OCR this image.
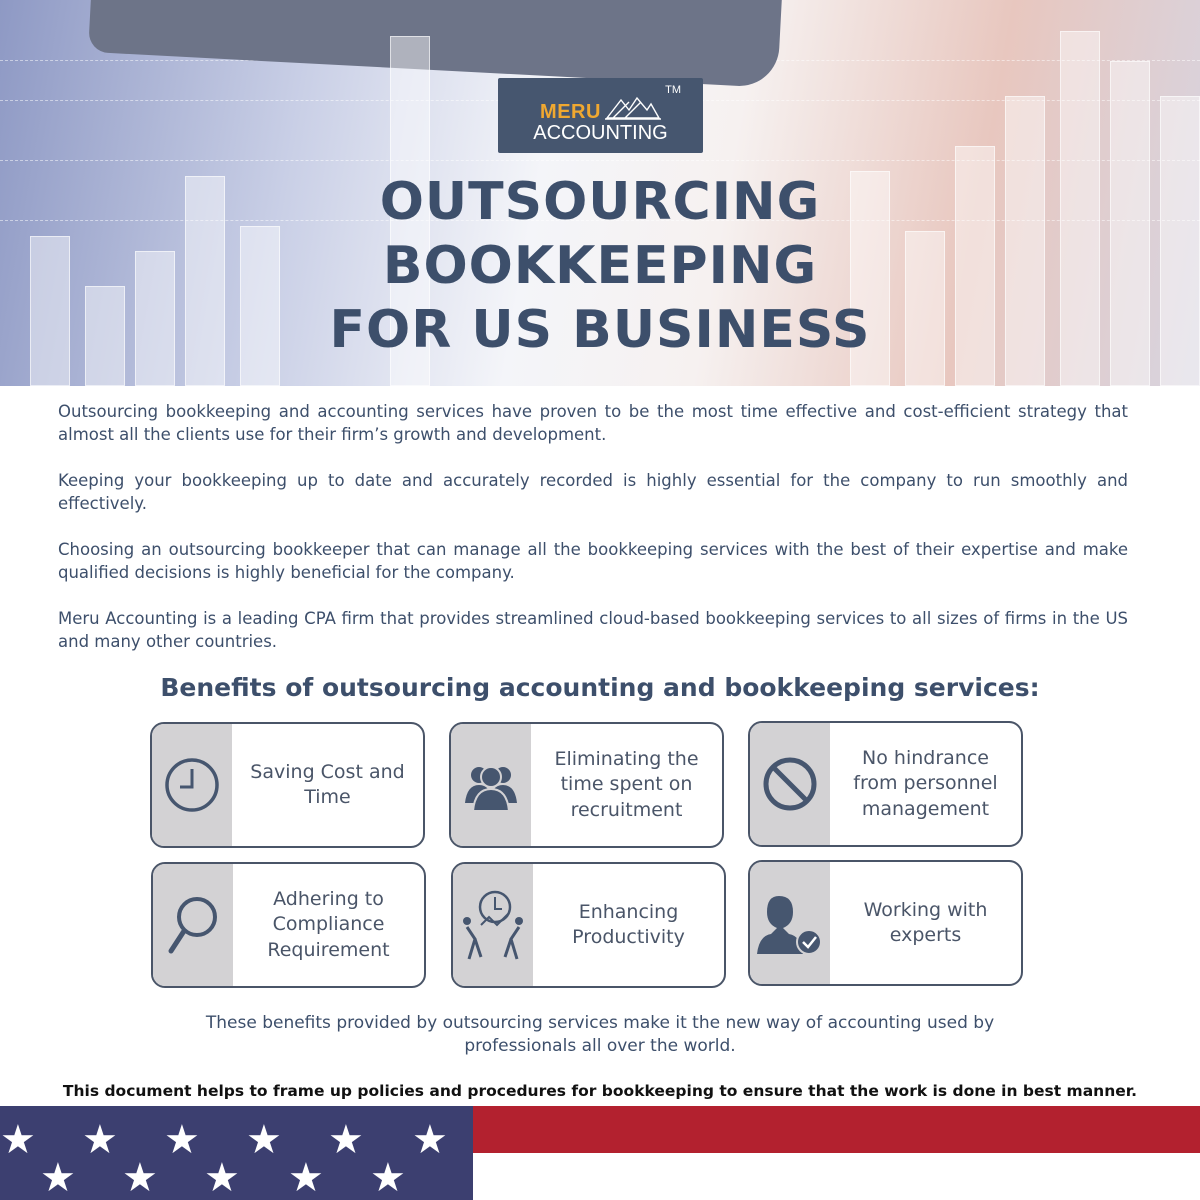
MERU
ACCOUNTING
TM
OUTSOURCING
BOOKKEEPING
FOR US BUSINESS

Outsourcing bookkeeping and accounting services have proven to be the most time effective and cost-efficient strategy that almost all the clients use for their firm’s growth and development.

Keeping your bookkeeping up to date and accurately recorded is highly essential for the company to run smoothly and effectively.

Choosing an outsourcing bookkeeper that can manage all the bookkeeping services with the best of their expertise and make qualified decisions is highly beneficial for the company.

Meru Accounting is a leading CPA firm that provides streamlined cloud-based bookkeeping services to all sizes of firms in the US and many other countries.

Benefits of outsourcing accounting and bookkeeping services:
Saving Cost and Time
Eliminating the time spent on recruitment
No hindrance from personnel management
Adhering to Compliance Requirement
Enhancing Productivity
Working with experts
These benefits provided by outsourcing services make it the new way of accounting used by professionals all over the world.
This document helps to frame up policies and procedures for bookkeeping to ensure that the work is done in best manner.
★ ★ ★ ★ ★ ★
★ ★ ★ ★ ★
